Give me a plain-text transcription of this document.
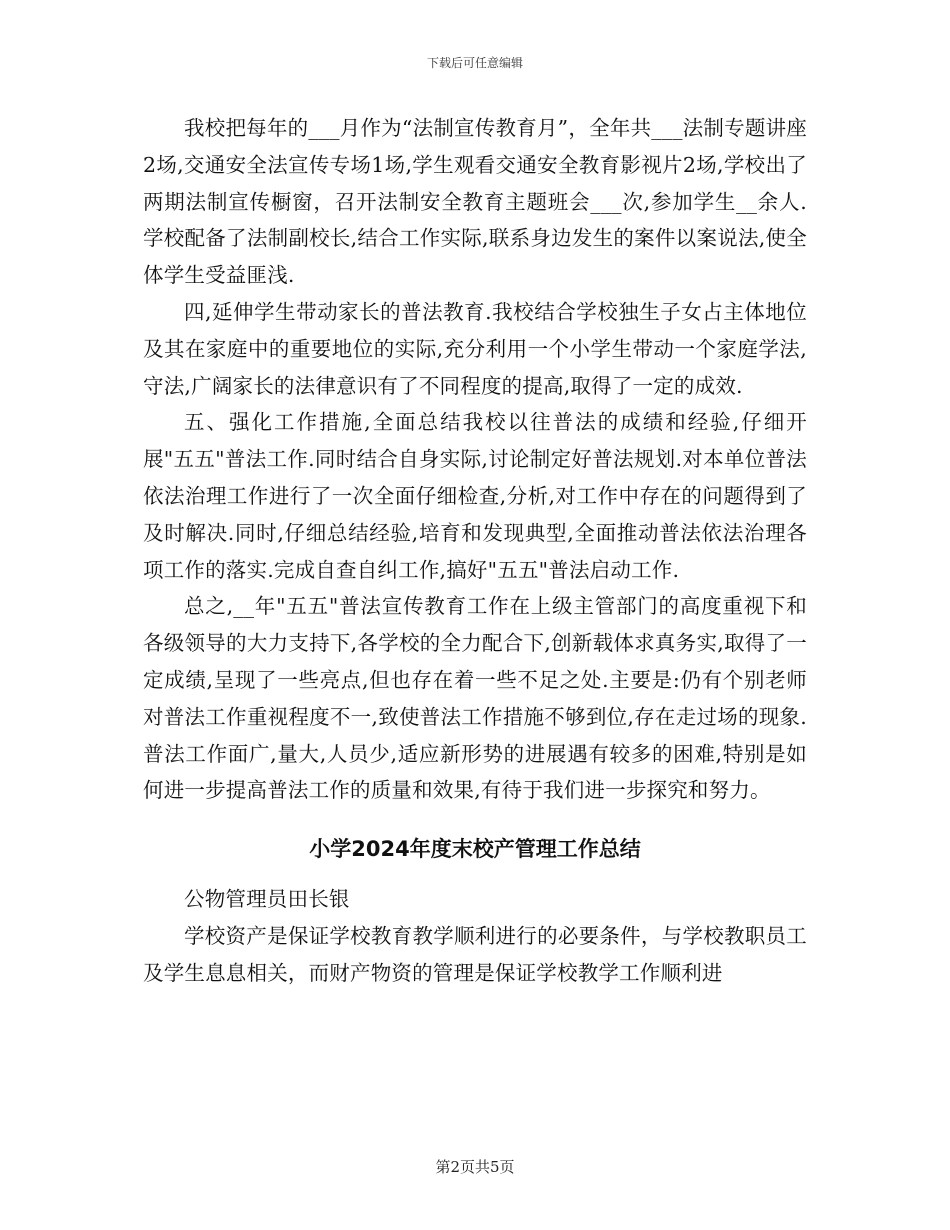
下载后可任意编辑

我校把每年的___月作为“法制宣传教育月”，全年共___法制专题讲座2场,交通安全法宣传专场1场,学生观看交通安全教育影视片2场,学校出了两期法制宣传橱窗，召开法制安全教育主题班会___次,参加学生__余人.学校配备了法制副校长,结合工作实际,联系身边发生的案件以案说法,使全体学生受益匪浅.

四,延伸学生带动家长的普法教育.我校结合学校独生子女占主体地位及其在家庭中的重要地位的实际,充分利用一个小学生带动一个家庭学法,守法,广阔家长的法律意识有了不同程度的提高,取得了一定的成效.

五、强化工作措施,全面总结我校以往普法的成绩和经验,仔细开展"五五"普法工作.同时结合自身实际,讨论制定好普法规划.对本单位普法依法治理工作进行了一次全面仔细检查,分析,对工作中存在的问题得到了及时解决.同时,仔细总结经验,培育和发现典型,全面推动普法依法治理各项工作的落实.完成自查自纠工作,搞好"五五"普法启动工作.

总之,__年"五五"普法宣传教育工作在上级主管部门的高度重视下和各级领导的大力支持下,各学校的全力配合下,创新载体求真务实,取得了一定成绩,呈现了一些亮点,但也存在着一些不足之处.主要是:仍有个别老师对普法工作重视程度不一,致使普法工作措施不够到位,存在走过场的现象.普法工作面广,量大,人员少,适应新形势的进展遇有较多的困难,特别是如何进一步提高普法工作的质量和效果,有待于我们进一步探究和努力。

小学2024年度末校产管理工作总结

公物管理员田长银

学校资产是保证学校教育教学顺利进行的必要条件，与学校教职员工及学生息息相关，而财产物资的管理是保证学校教学工作顺利进

第2页共5页
